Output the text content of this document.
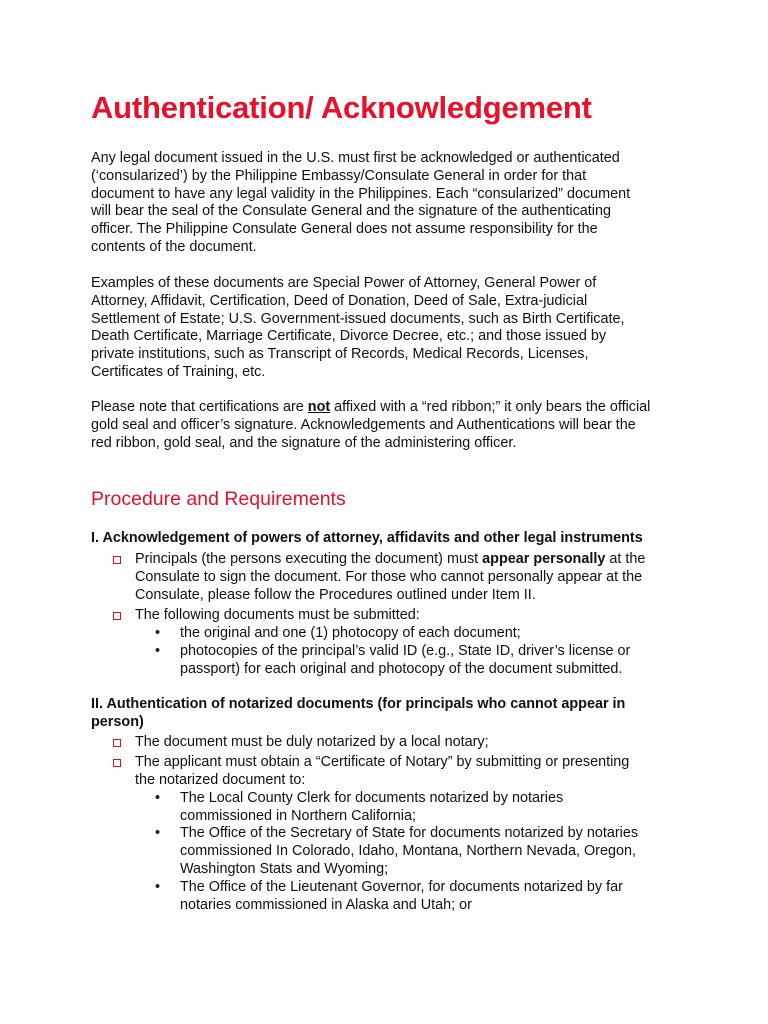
Authentication/ Acknowledgement
Any legal document issued in the U.S. must first be acknowledged or authenticated
(‘consularized’) by the Philippine Embassy/Consulate General in order for that
document to have any legal validity in the Philippines. Each “consularized” document
will bear the seal of the Consulate General and the signature of the authenticating
officer. The Philippine Consulate General does not assume responsibility for the
contents of the document.
Examples of these documents are Special Power of Attorney, General Power of
Attorney, Affidavit, Certification, Deed of Donation, Deed of Sale, Extra-judicial
Settlement of Estate; U.S. Government-issued documents, such as Birth Certificate,
Death Certificate, Marriage Certificate, Divorce Decree, etc.; and those issued by
private institutions, such as Transcript of Records, Medical Records, Licenses,
Certificates of Training, etc.
Please note that certifications are not affixed with a “red ribbon;” it only bears the official
gold seal and officer’s signature. Acknowledgements and Authentications will bear the
red ribbon, gold seal, and the signature of the administering officer.
Procedure and Requirements
I. Acknowledgement of powers of attorney, affidavits and other legal instruments
Principals (the persons executing the document) must appear personally at the
Consulate to sign the document. For those who cannot personally appear at the
Consulate, please follow the Procedures outlined under Item II.
The following documents must be submitted:
• the original and one (1) photocopy of each document;
• photocopies of the principal’s valid ID (e.g., State ID, driver’s license or
passport) for each original and photocopy of the document submitted.
II. Authentication of notarized documents (for principals who cannot appear in
person)
The document must be duly notarized by a local notary;
The applicant must obtain a “Certificate of Notary” by submitting or presenting
the notarized document to:
• The Local County Clerk for documents notarized by notaries
commissioned in Northern California;
• The Office of the Secretary of State for documents notarized by notaries
commissioned In Colorado, Idaho, Montana, Northern Nevada, Oregon,
Washington Stats and Wyoming;
• The Office of the Lieutenant Governor, for documents notarized by far
notaries commissioned in Alaska and Utah; or
